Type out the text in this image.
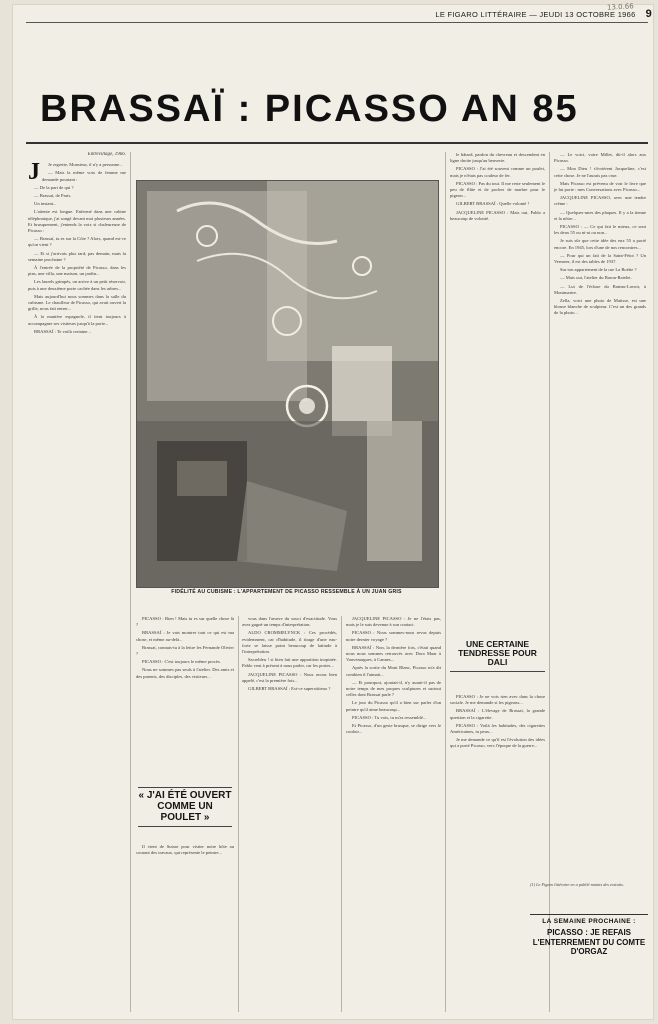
LE FIGARO LITTÉRAIRE — JEUDI 13 OCTOBRE 1966 9
13.0.66
BRASSAÏ : PICASSO AN 85
Entrevillage, 1966.
J	Je regrette, Monsieur, il n'y a personne...

— Mais la même voix de femme me demande pourtant :

— De la part de qui ?

— Brassaï, de Paris.

Un instant...

L'attente est longue. Enfermé dans une cabine téléphonique, j'ai songé devant moi plusieurs années. Et brusquement, j'entends la voix si chaleureuse de Picasso :

— Brassaï, tu es sur la Côte ? Alors, quand est-ce qu'on vient ?

— Et si j'arrivais plus tard, pas demain, mais la semaine prochaine ?

À l'entrée de la propriété de Picasso, dans les pins, une villa, une maison, un jardin...

Les laurels grimpés, on arrive à un petit réservoir, puis à une deuxième porte cachée dans les arbres...

Mais aujourd'hui nous sommes dans la salle du cubisme. Le chauffeur de Picasso, qui avait ouvert la grille, nous fait entrer...

À la manière espagnole, il tient toujours à accompagner ses visiteurs jusqu'à la porte...

BRASSAÏ : Te voilà certaine...

FIDÉLITÉ AU CUBISME : L'APPARTEMENT DE PICASSO RESSEMBLE À UN JUAN GRIS

PICASSO : Bien ! Mais tu es sur quelle chose là ?

BRASSAÏ : Je vais montrer tout ce qui est ma chose, et même au-delà...

Brassaï, connais-tu à la lettre les Fernande Olivier ?

PICASSO : C'est toujours le même procès.

Nous ne sommes pas seuls à l'atelier. Des amis et des parents, des disciples, des visiteurs...

« J'AI ÉTÉ OUVERT COMME UN POULET »

Il vient de Suisse pour visiter notre hôte au courant des travaux, qui représente le peintre...

vous dans l'œuvre du souci d'exactitude. Vous avez gagné un temps d'interprétation.

ALDO CROMMELYNCK : Ces procédés, evidemment, car d'habitude, il tirage d'une eau-forte se laisse point beaucoup de latitude à l'interprétation.

Sacrebleu ! si bien fait une apparition inopinée. Pablo veut à présent à nous parler, car les portes...

JACQUELINE PICASSO : Nous avons bien appelé, c'est la première fois...

GILBERT BRASSAÏ : Est-ce superstitieux ?

JACQUELINE PICASSO : Je ne l'étais pas, mais je le suis devenue à son contact.

PICASSO : Nous sommes-nous revus depuis notre dernier voyage ?

BRASSAÏ : Non, la dernière fois, c'était quand nous nous sommes retrouvés avec Dora Maar à Vauvenargues, à Cannes...

Après la sortie du Mont Blanc, Picasso m'a dit combien il l'aimait...

— Et pourquoi, ajoutait-il, n'y aurait-il pas de notre temps de mes propres sculptures et surtout celles dont Brassaï parle ?

Le jour du Picasso qu'il a bien sur parler d'un peintre qu'il aime beaucoup...

PICASSO : Tu vois, tu m'as ressemblé...

Et Picasso, d'un geste brusque, se dirige vers le couloir...

le bâtard, pardon du chevreau et descendent en ligne droite jusqu'au beuverie.

PICASSO : J'ai été souvent comme un poulet, mais je n'étais pas couleur de fer.

PICASSO : Pas du tout. Il me reste seulement le peu de flûte et de poches de marbre pour le pigeon...

GILBERT BRASSAÏ : Quelle volonté !

JACQUELINE PICASSO : Mais oui, Pablo a beaucoup de volonté.

UNE CERTAINE TENDRESSE POUR DALI

PICASSO : Je ne vois rien avec dans la chose sociale. Je me demande si les pigeons...

BRASSAÏ : L'élevage de Brassaï, la grande question et la cigarette.

PICASSO : Voilà les habitudes, des cigarettes Américaines, tu peux...

Je me demande ce qu'il est l'évolution des idées qui a porté Picasso, vers l'époque de la guerre...

— Le voici, votre Millet, dit-il alors aux Picasso.

— Mon Dieu ! s'écrièrent Jacqueline, c'est cette chose. Je ne l'aurais pas crue.

Mais Picasso est prévenu de voir le livre que je lui porte : mes Conversations avec Picasso...

JACQUELINE PICASSO, avec une tendre crème :

— Quelques-unes des plaques. Il y a la tienne et la nôtre...

PICASSO : — Ce qui fait le mieux, ce sont les deux 55 ou ni-ai ou non...

Je suis sûr que cette idée des eux 55 a porté encore. En 1945, lors d'une de nos rencontres...

— Pour qui un fait de la Saint-Fétot ? Un Vermeer, il est des tables de 1937.

Sur ton appartement de la rue La Boétie ?

— Mais oui, l'atelier du Baron-Ratelet.

— Lui de l'écluse du Bateau-Lavoir, à Montmartre.

Zella, voici une photo de Matisse, est une blouse blanche de sculpteur. C'est un des grands de la photo...

(1) Le Figaro littéraire en a publié maints des extraits.
LA SEMAINE PROCHAINE :
PICASSO : JE REFAIS L'ENTERREMENT DU COMTE D'ORGAZ
